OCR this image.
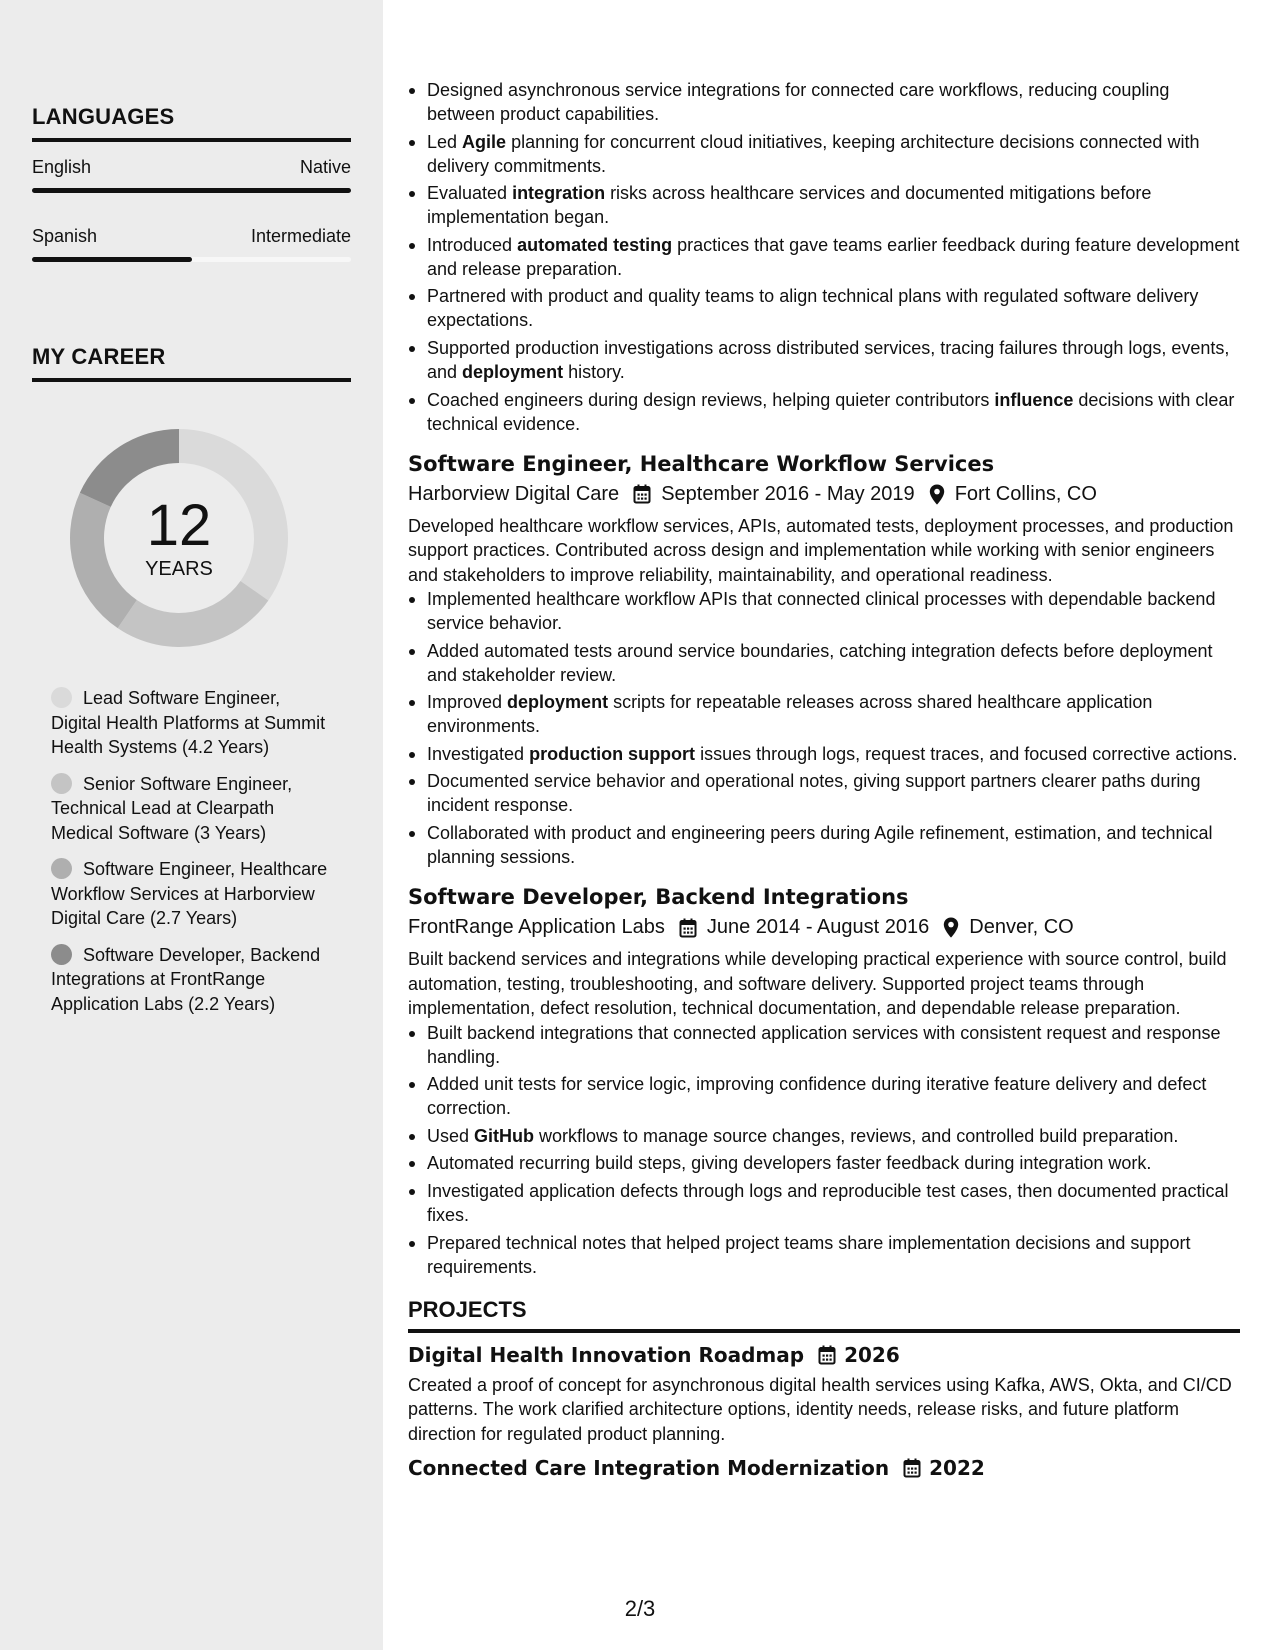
LANGUAGES
English	Native
Spanish	Intermediate
MY CAREER
12
YEARS
Lead Software Engineer, Digital Health Platforms at Summit Health Systems (4.2 Years)
Senior Software Engineer, Technical Lead at Clearpath Medical Software (3 Years)
Software Engineer, Healthcare Workflow Services at Harborview Digital Care (2.7 Years)
Software Developer, Backend Integrations at FrontRange Application Labs (2.2 Years)
Designed asynchronous service integrations for connected care workflows, reducing coupling between product capabilities.
Led Agile planning for concurrent cloud initiatives, keeping architecture decisions connected with delivery commitments.
Evaluated integration risks across healthcare services and documented mitigations before implementation began.
Introduced automated testing practices that gave teams earlier feedback during feature development and release preparation.
Partnered with product and quality teams to align technical plans with regulated software delivery expectations.
Supported production investigations across distributed services, tracing failures through logs, events, and deployment history.
Coached engineers during design reviews, helping quieter contributors influence decisions with clear technical evidence.
Software Engineer, Healthcare Workflow Services
Harborview Digital Care September 2016 - May 2019 Fort Collins, CO
Developed healthcare workflow services, APIs, automated tests, deployment processes, and production support practices. Contributed across design and implementation while working with senior engineers and stakeholders to improve reliability, maintainability, and operational readiness.
Implemented healthcare workflow APIs that connected clinical processes with dependable backend service behavior.
Added automated tests around service boundaries, catching integration defects before deployment and stakeholder review.
Improved deployment scripts for repeatable releases across shared healthcare application environments.
Investigated production support issues through logs, request traces, and focused corrective actions.
Documented service behavior and operational notes, giving support partners clearer paths during incident response.
Collaborated with product and engineering peers during Agile refinement, estimation, and technical planning sessions.
Software Developer, Backend Integrations
FrontRange Application Labs June 2014 - August 2016 Denver, CO
Built backend services and integrations while developing practical experience with source control, build automation, testing, troubleshooting, and software delivery. Supported project teams through implementation, defect resolution, technical documentation, and dependable release preparation.
Built backend integrations that connected application services with consistent request and response handling.
Added unit tests for service logic, improving confidence during iterative feature delivery and defect correction.
Used GitHub workflows to manage source changes, reviews, and controlled build preparation.
Automated recurring build steps, giving developers faster feedback during integration work.
Investigated application defects through logs and reproducible test cases, then documented practical fixes.
Prepared technical notes that helped project teams share implementation decisions and support requirements.
PROJECTS
Digital Health Innovation Roadmap 2026
Created a proof of concept for asynchronous digital health services using Kafka, AWS, Okta, and CI/CD patterns. The work clarified architecture options, identity needs, release risks, and future platform direction for regulated product planning.
Connected Care Integration Modernization 2022
2/3
